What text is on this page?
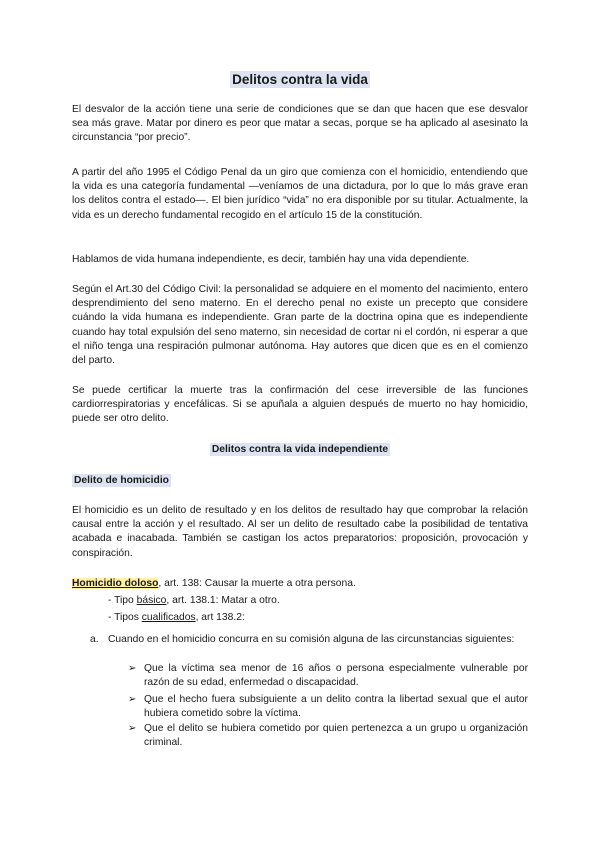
Delitos contra la vida
El desvalor de la acción tiene una serie de condiciones que se dan que hacen que ese desvalor sea más grave. Matar por dinero es peor que matar a secas, porque se ha aplicado al asesinato la circunstancia “por precio”.
A partir del año 1995 el Código Penal da un giro que comienza con el homicidio, entendiendo que la vida es una categoría fundamental —veníamos de una dictadura, por lo que lo más grave eran los delitos contra el estado—. El bien jurídico “vida” no era disponible por su titular. Actualmente, la vida es un derecho fundamental recogido en el artículo 15 de la constitución.
Hablamos de vida humana independiente, es decir, también hay una vida dependiente.
Según el Art.30 del Código Civil: la personalidad se adquiere en el momento del nacimiento, entero desprendimiento del seno materno. En el derecho penal no existe un precepto que considere cuándo la vida humana es independiente. Gran parte de la doctrina opina que es independiente cuando hay total expulsión del seno materno, sin necesidad de cortar ni el cordón, ni esperar a que el niño tenga una respiración pulmonar autónoma. Hay autores que dicen que es en el comienzo del parto.
Se puede certificar la muerte tras la confirmación del cese irreversible de las funciones cardiorrespiratorias y encefálicas. Si se apuñala a alguien después de muerto no hay homicidio, puede ser otro delito.
Delitos contra la vida independiente
Delito de homicidio
El homicidio es un delito de resultado y en los delitos de resultado hay que comprobar la relación causal entre la acción y el resultado. Al ser un delito de resultado cabe la posibilidad de tentativa acabada e inacabada. También se castigan los actos preparatorios: proposición, provocación y conspiración.
Homicidio doloso, art. 138: Causar la muerte a otra persona.
- Tipo básico, art. 138.1: Matar a otro.
- Tipos cualificados, art 138.2:
a. Cuando en el homicidio concurra en su comisión alguna de las circunstancias siguientes:
➢ Que la víctima sea menor de 16 años o persona especialmente vulnerable por razón de su edad, enfermedad o discapacidad.
➢ Que el hecho fuera subsiguiente a un delito contra la libertad sexual que el autor hubiera cometido sobre la víctima.
➢ Que el delito se hubiera cometido por quien pertenezca a un grupo u organización criminal.
